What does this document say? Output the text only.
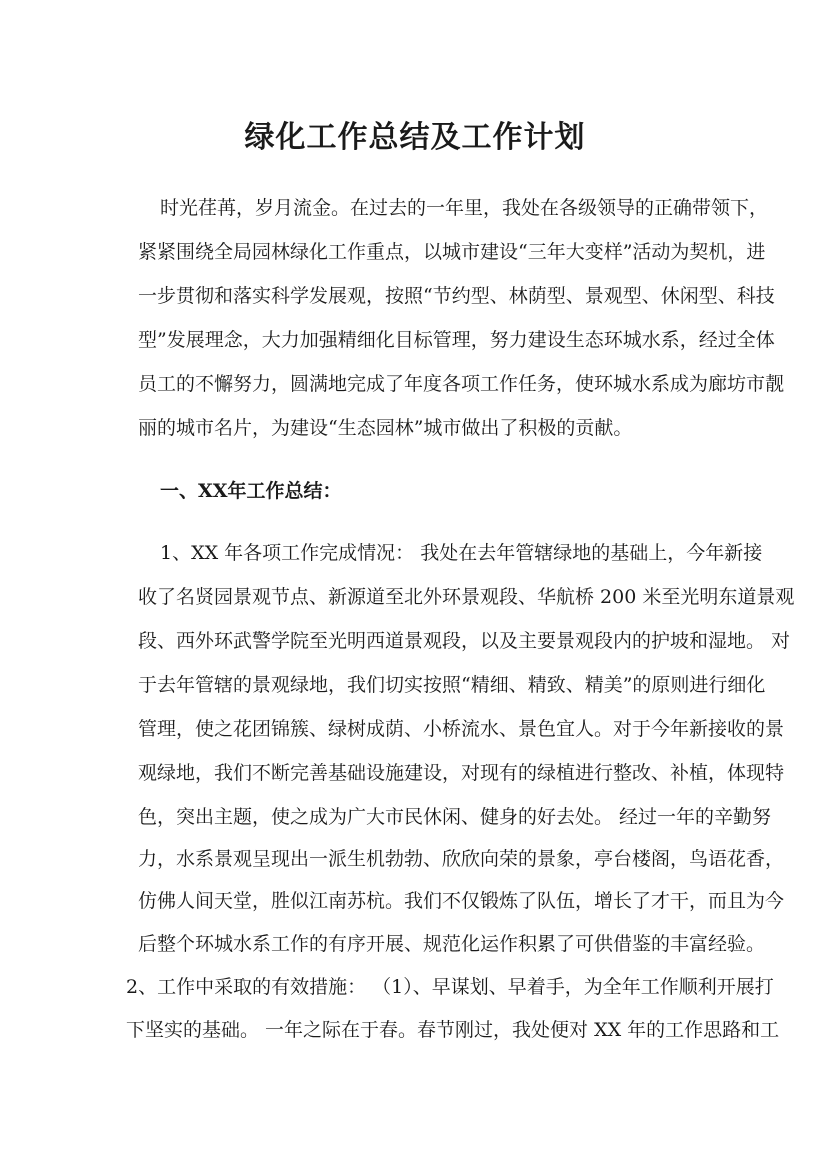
绿化工作总结及工作计划
时光荏苒，岁月流金。在过去的一年里，我处在各级领导的正确带领下，
紧紧围绕全局园林绿化工作重点，以城市建设“三年大变样”活动为契机，进
一步贯彻和落实科学发展观，按照“节约型、林荫型、景观型、休闲型、科技
型”发展理念，大力加强精细化目标管理，努力建设生态环城水系，经过全体
员工的不懈努力，圆满地完成了年度各项工作任务，使环城水系成为廊坊市靓
丽的城市名片，为建设“生态园林”城市做出了积极的贡献。
一、XX年工作总结：
1、XX 年各项工作完成情况： 我处在去年管辖绿地的基础上，今年新接
收了名贤园景观节点、新源道至北外环景观段、华航桥 200 米至光明东道景观
段、西外环武警学院至光明西道景观段，以及主要景观段内的护坡和湿地。 对
于去年管辖的景观绿地，我们切实按照“精细、精致、精美”的原则进行细化
管理，使之花团锦簇、绿树成荫、小桥流水、景色宜人。对于今年新接收的景
观绿地，我们不断完善基础设施建设，对现有的绿植进行整改、补植，体现特
色，突出主题，使之成为广大市民休闲、健身的好去处。 经过一年的辛勤努
力，水系景观呈现出一派生机勃勃、欣欣向荣的景象，亭台楼阁，鸟语花香，
仿佛人间天堂，胜似江南苏杭。我们不仅锻炼了队伍，增长了才干，而且为今
后整个环城水系工作的有序开展、规范化运作积累了可供借鉴的丰富经验。
2、工作中采取的有效措施： （1）、早谋划、早着手，为全年工作顺利开展打
下坚实的基础。 一年之际在于春。春节刚过，我处便对 XX 年的工作思路和工
